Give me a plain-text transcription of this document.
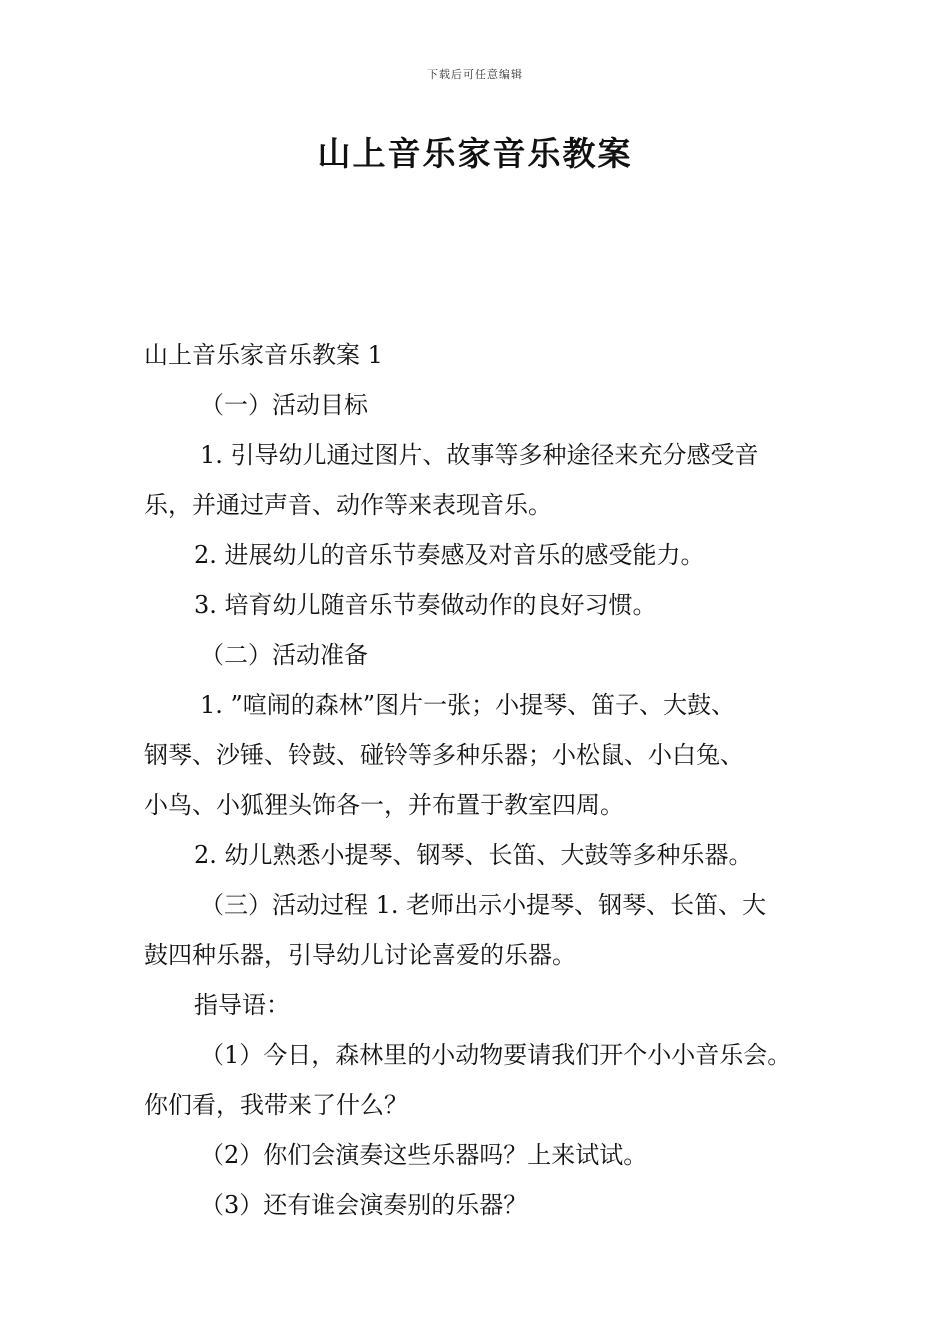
下载后可任意编辑
山上音乐家音乐教案

山上音乐家音乐教案 1

（一）活动目标

1. 引导幼儿通过图片、故事等多种途径来充分感受音

乐，并通过声音、动作等来表现音乐。

2. 进展幼儿的音乐节奏感及对音乐的感受能力。

3. 培育幼儿随音乐节奏做动作的良好习惯。

（二）活动准备

1. ”喧闹的森林”图片一张；小提琴、笛子、大鼓、

钢琴、沙锤、铃鼓、碰铃等多种乐器；小松鼠、小白兔、

小鸟、小狐狸头饰各一，并布置于教室四周。

2. 幼儿熟悉小提琴、钢琴、长笛、大鼓等多种乐器。

（三）活动过程 1. 老师出示小提琴、钢琴、长笛、大

鼓四种乐器，引导幼儿讨论喜爱的乐器。

指导语：

（1）今日，森林里的小动物要请我们开个小小音乐会。

你们看，我带来了什么？

（2）你们会演奏这些乐器吗？上来试试。

（3）还有谁会演奏别的乐器？
